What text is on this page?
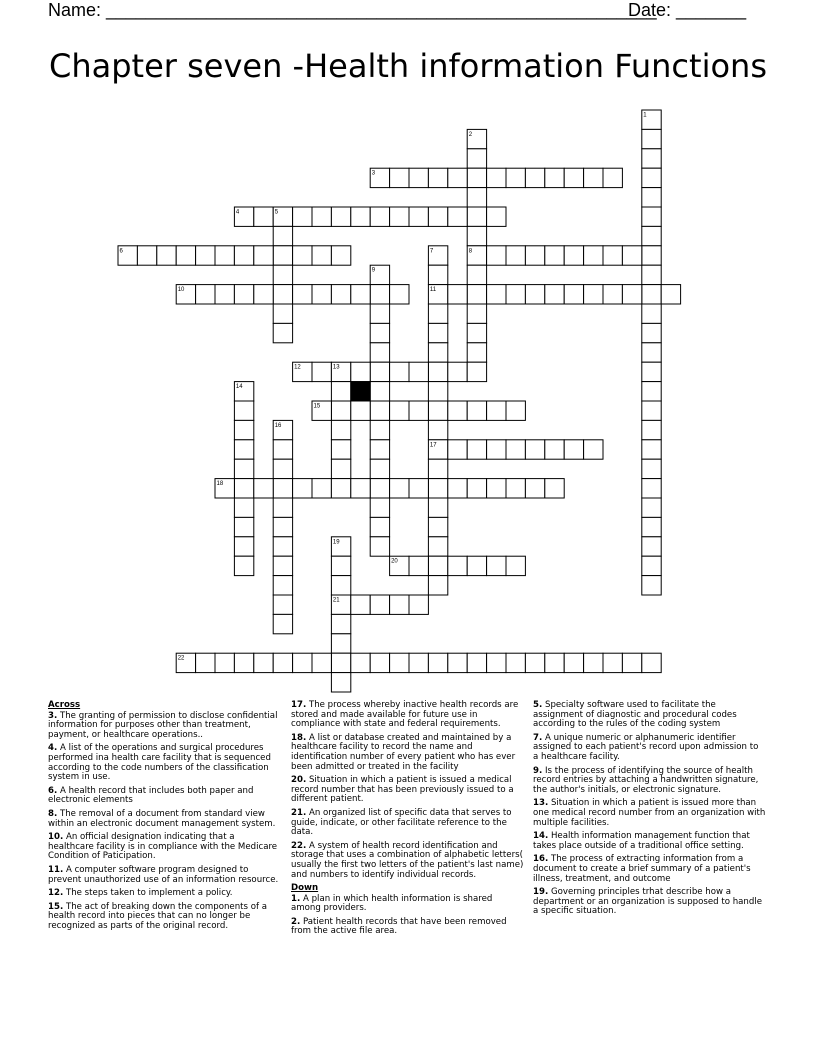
Name: _______________________________________________________
Date: _______
Chapter seven -Health information Functions
1
2
3
4	5
6	7	8
9
10	11
12	13
14
15
16
17
18
19
20
21
22
Across
3. The granting of permission to disclose confidential information for purposes other than treatment, payment, or healthcare operations..
4. A list of the operations and surgical procedures performed ina health care facility that is sequenced according to the code numbers of the classification system in use.
6. A health record that includes both paper and electronic elements
8. The removal of a document from standard view within an electronic document management system.
10. An official designation indicating that a healthcare facility is in compliance with the Medicare Condition of Paticipation.
11. A computer software program designed to prevent unauthorized use of an information resource.
12. The steps taken to implement a policy.
15. The act of breaking down the components of a health record into pieces that can no longer be recognized as parts of the original record.
17. The process whereby inactive health records are stored and made available for future use in compliance with state and federal requirements.
18. A list or database created and maintained by a healthcare facility to record the name and identification number of every patient who has ever been admitted or treated in the facility
20. Situation in which a patient is issued a medical record number that has been previously issued to a different patient.
21. An organized list of specific data that serves to guide, indicate, or other facilitate reference to the data.
22. A system of health record identification and storage that uses a combination of alphabetic letters( usually the first two letters of the patient's last name) and numbers to identify individual records.
Down
1. A plan in which health information is shared among providers.
2. Patient health records that have been removed from the active file area.
5. Specialty software used to facilitate the assignment of diagnostic and procedural codes according to the rules of the coding system
7. A unique numeric or alphanumeric identifier assigned to each patient's record upon admission to a healthcare facility.
9. Is the process of identifying the source of health record entries by attaching a handwritten signature, the author's initials, or electronic signature.
13. Situation in which a patient is issued more than one medical record number from an organization with multiple facilities.
14. Health information management function that takes place outside of a traditional office setting.
16. The process of extracting information from a document to create a brief summary of a patient's illness, treatment, and outcome
19. Governing principles trhat describe how a department or an organization is supposed to handle a specific situation.
